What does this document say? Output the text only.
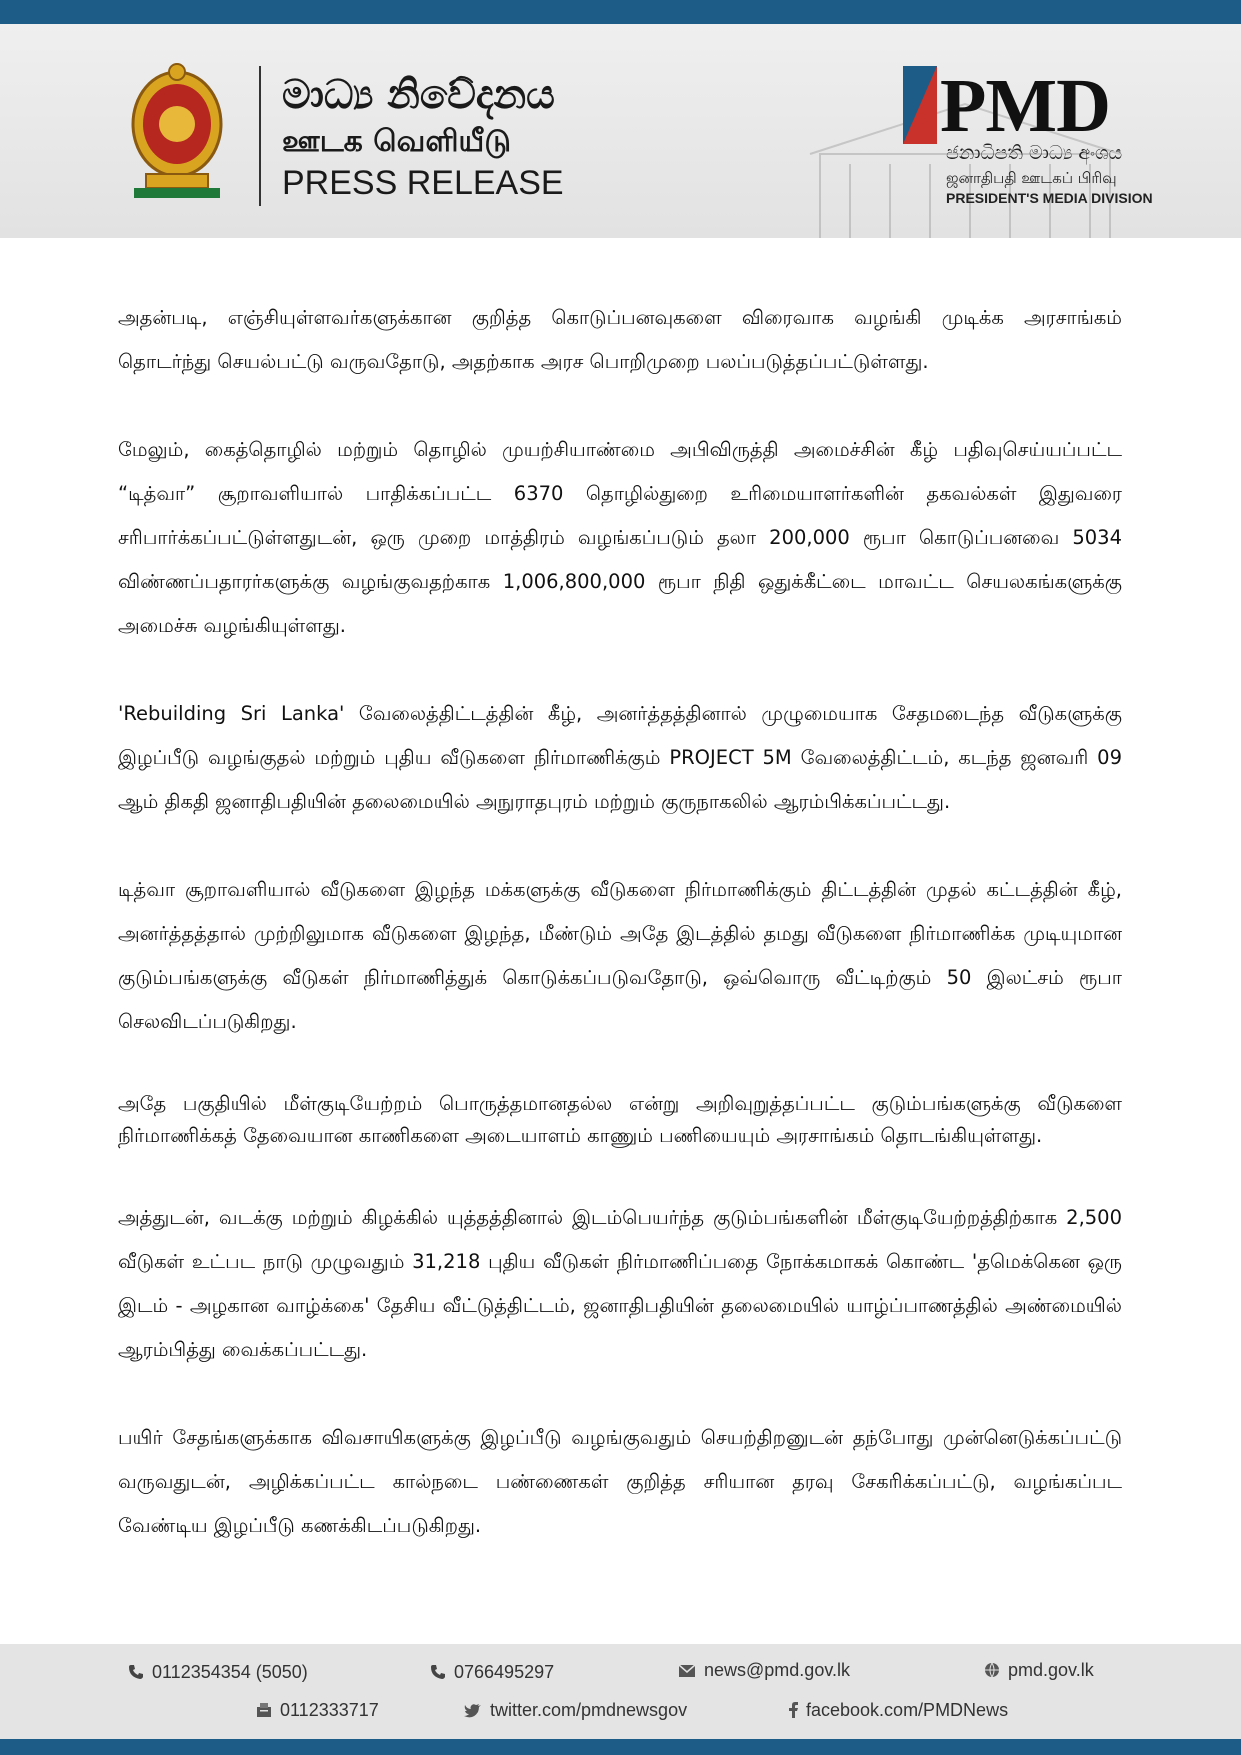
මාධ්‍ය නිවේදනය
ஊடக வெளியீடு
PRESS RELEASE
PMD
ජනාධිපති මාධ්‍ය අංශය
ஜனாதிபதி ஊடகப் பிரிவு
PRESIDENT'S MEDIA DIVISION

அதன்படி, எஞ்சியுள்ளவர்களுக்கான குறித்த கொடுப்பனவுகளை விரைவாக வழங்கி முடிக்க அரசாங்கம் தொடர்ந்து செயல்பட்டு வருவதோடு, அதற்காக அரச பொறிமுறை பலப்படுத்தப்பட்டுள்ளது.

மேலும், கைத்தொழில் மற்றும் தொழில் முயற்சியாண்மை அபிவிருத்தி அமைச்சின் கீழ் பதிவுசெய்யப்பட்ட “டித்வா” சூறாவளியால் பாதிக்கப்பட்ட 6370 தொழில்துறை உரிமையாளர்களின் தகவல்கள் இதுவரை சரிபார்க்கப்பட்டுள்ளதுடன், ஒரு முறை மாத்திரம் வழங்கப்படும் தலா 200,000 ரூபா கொடுப்பனவை 5034 விண்ணப்பதாரர்களுக்கு வழங்குவதற்காக 1,006,800,000 ரூபா நிதி ஒதுக்கீட்டை மாவட்ட செயலகங்களுக்கு அமைச்சு வழங்கியுள்ளது.

'Rebuilding Sri Lanka' வேலைத்திட்டத்தின் கீழ், அனர்த்தத்தினால் முழுமையாக சேதமடைந்த வீடுகளுக்கு இழப்பீடு வழங்குதல் மற்றும் புதிய வீடுகளை நிர்மாணிக்கும் PROJECT 5M வேலைத்திட்டம், கடந்த ஜனவரி 09 ஆம் திகதி ஜனாதிபதியின் தலைமையில் அநுராதபுரம் மற்றும் குருநாகலில் ஆரம்பிக்கப்பட்டது.

டித்வா சூறாவளியால் வீடுகளை இழந்த மக்களுக்கு வீடுகளை நிர்மாணிக்கும் திட்டத்தின் முதல் கட்டத்தின் கீழ், அனர்த்தத்தால் முற்றிலுமாக வீடுகளை இழந்த, மீண்டும் அதே இடத்தில் தமது வீடுகளை நிர்மாணிக்க முடியுமான குடும்பங்களுக்கு வீடுகள் நிர்மாணித்துக் கொடுக்கப்படுவதோடு, ஒவ்வொரு வீட்டிற்கும் 50 இலட்சம் ரூபா செலவிடப்படுகிறது.

அதே பகுதியில் மீள்குடியேற்றம் பொருத்தமானதல்ல என்று அறிவுறுத்தப்பட்ட குடும்பங்களுக்கு வீடுகளை நிர்மாணிக்கத் தேவையான காணிகளை அடையாளம் காணும் பணியையும் அரசாங்கம் தொடங்கியுள்ளது.

அத்துடன், வடக்கு மற்றும் கிழக்கில் யுத்தத்தினால் இடம்பெயர்ந்த குடும்பங்களின் மீள்குடியேற்றத்திற்காக 2,500 வீடுகள் உட்பட நாடு முழுவதும் 31,218 புதிய வீடுகள் நிர்மாணிப்பதை நோக்கமாகக் கொண்ட 'தமெக்கென ஒரு இடம் - அழகான வாழ்க்கை' தேசிய வீட்டுத்திட்டம், ஜனாதிபதியின் தலைமையில் யாழ்ப்பாணத்தில் அண்மையில் ஆரம்பித்து வைக்கப்பட்டது.

பயிர் சேதங்களுக்காக விவசாயிகளுக்கு இழப்பீடு வழங்குவதும் செயற்திறனுடன் தந்போது முன்னெடுக்கப்பட்டு வருவதுடன், அழிக்கப்பட்ட கால்நடை பண்ணைகள் குறித்த சரியான தரவு சேகரிக்கப்பட்டு, வழங்கப்பட வேண்டிய இழப்பீடு கணக்கிடப்படுகிறது.

0112354354 (5050)	0766495297	news@pmd.gov.lk	pmd.gov.lk
0112333717	twitter.com/pmdnewsgov	facebook.com/PMDNews
